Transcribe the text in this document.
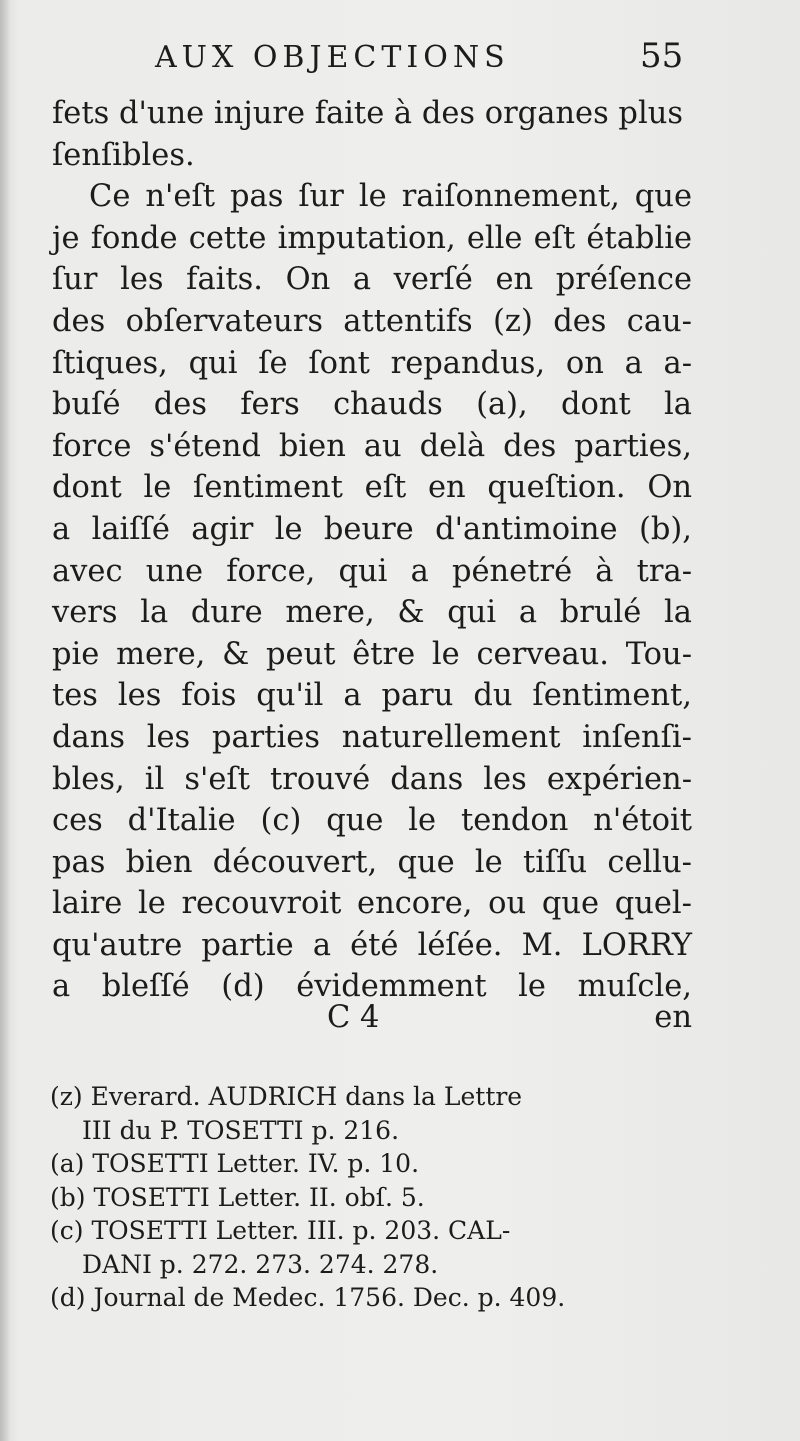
AUX OBJECTIONS	55
fets d'une injure faite à des organes plus
ſenſibles.
Ce n'eſt pas ſur le raiſonnement, que
je fonde cette imputation, elle eſt établie
ſur les faits. On a verſé en préſence
des obſervateurs attentifs (z) des cau-
ſtiques, qui ſe ſont repandus, on a a-
buſé des fers chauds (a), dont la
force s'étend bien au delà des parties,
dont le ſentiment eſt en queſtion. On
a laiſſé agir le beure d'antimoine (b),
avec une force, qui a pénetré à tra-
vers la dure mere, & qui a brulé la
pie mere, & peut être le cerveau. Tou-
tes les fois qu'il a paru du ſentiment,
dans les parties naturellement inſenſi-
bles, il s'eſt trouvé dans les expérien-
ces d'Italie (c) que le tendon n'étoit
pas bien découvert, que le tiſſu cellu-
laire le recouvroit encore, ou que quel-
qu'autre partie a été léſée. M. LORRY
a bleſſé (d) évidemment le muſcle,
C 4	en
(z) Everard. AUDRICH dans la Lettre
III du P. TOSETTI p. 216.
(a) TOSETTI Letter. IV. p. 10.
(b) TOSETTI Letter. II. obſ. 5.
(c) TOSETTI Letter. III. p. 203. CAL-
DANI p. 272. 273. 274. 278.
(d) Journal de Medec. 1756. Dec. p. 409.
